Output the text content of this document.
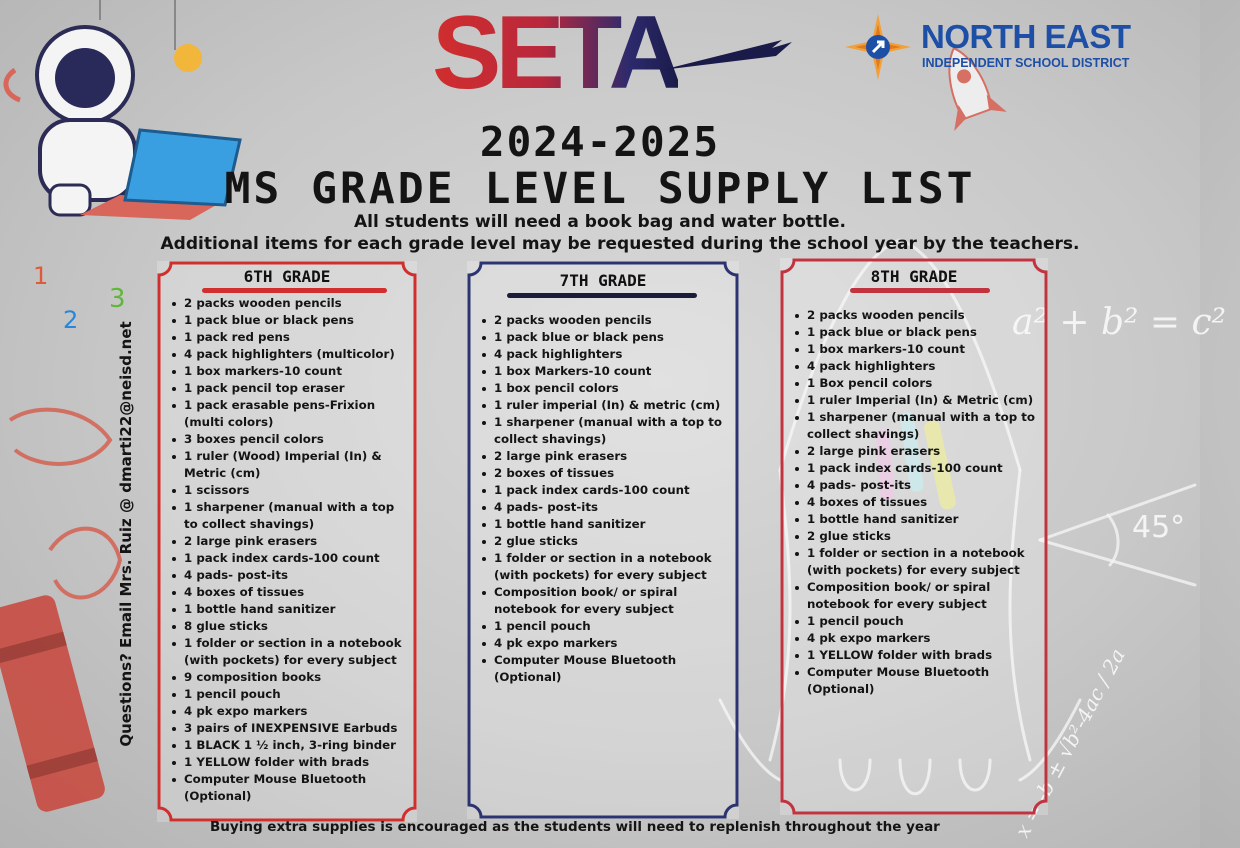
1
2
3
a² + b² = c²
45°
x = -b ± √b²-4ac / 2a
SETA	NORTH EAST
INDEPENDENT SCHOOL DISTRICT
2024-2025
MS GRADE LEVEL SUPPLY LIST
All students will need a book bag and water bottle.
Additional items for each grade level may be requested during the school year by the teachers.
6TH GRADE
2 packs wooden pencils
1 pack blue or black pens
1 pack red pens
4 pack highlighters (multicolor)
1 box markers-10 count
1 pack pencil top eraser
1 pack erasable pens-Frixion (multi colors)
3 boxes pencil colors
1 ruler (Wood) Imperial (In) & Metric (cm)
1 scissors
1 sharpener (manual with a top to collect shavings)
2 large pink erasers
1 pack index cards-100 count
4 pads- post-its
4 boxes of tissues
1 bottle hand sanitizer
8 glue sticks
1 folder or section in a notebook (with pockets) for every subject
9 composition books
1 pencil pouch
4 pk expo markers
3 pairs of INEXPENSIVE Earbuds
1 BLACK 1 ½ inch, 3-ring binder
1 YELLOW folder with brads
Computer Mouse Bluetooth (Optional)
7TH GRADE
2 packs wooden pencils
1 pack blue or black pens
4 pack highlighters
1 box Markers-10 count
1 box pencil colors
1 ruler imperial (In) & metric (cm)
1 sharpener (manual with a top to collect shavings)
2 large pink erasers
2 boxes of tissues
1 pack index cards-100 count
4 pads- post-its
1 bottle hand sanitizer
2 glue sticks
1 folder or section in a notebook (with pockets) for every subject
Composition book/ or spiral notebook for every subject
1 pencil pouch
4 pk expo markers
Computer Mouse Bluetooth (Optional)
8TH GRADE
2 packs wooden pencils
1 pack blue or black pens
1 box markers-10 count
4 pack highlighters
1 Box pencil colors
1 ruler Imperial (In) & Metric (cm)
1 sharpener (manual with a top to collect shavings)
2 large pink erasers
1 pack index cards-100 count
4 pads- post-its
4 boxes of tissues
1 bottle hand sanitizer
2 glue sticks
1 folder or section in a notebook (with pockets) for every subject
Composition book/ or spiral notebook for every subject
1 pencil pouch
4 pk expo markers
1 YELLOW folder with brads
Computer Mouse Bluetooth (Optional)
Questions? Email Mrs. Ruiz @ dmarti22@neisd.net
Buying extra supplies is encouraged as the students will need to replenish throughout the year
